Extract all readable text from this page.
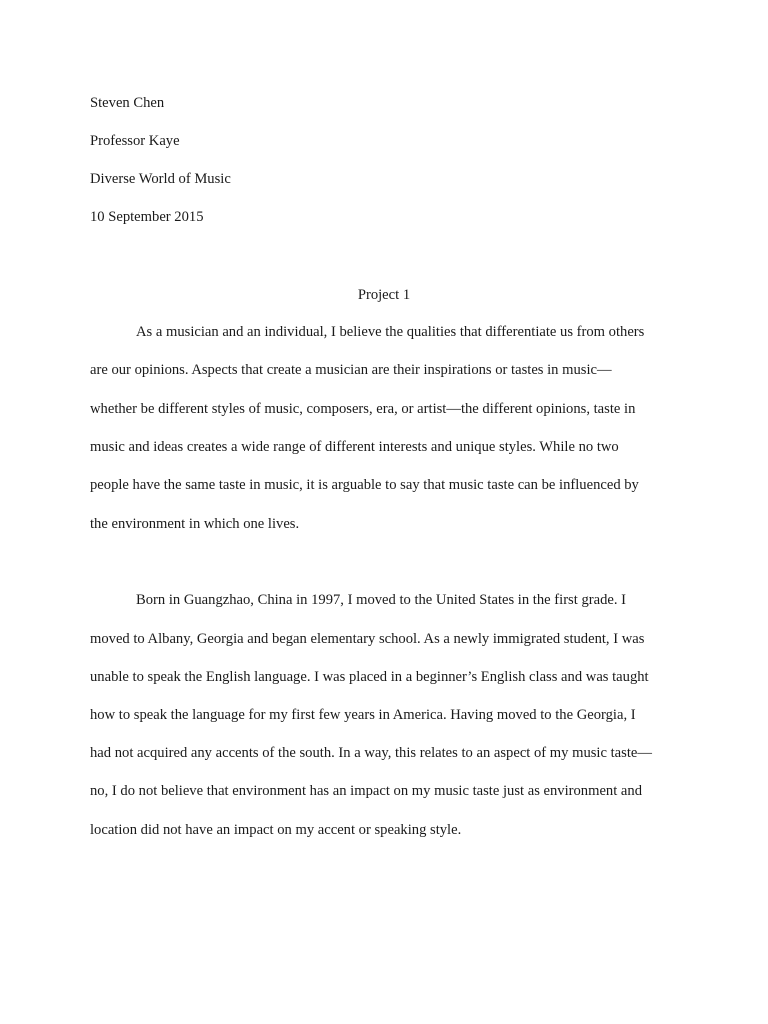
Steven Chen
Professor Kaye
Diverse World of Music
10 September 2015
Project 1
As a musician and an individual, I believe the qualities that differentiate us from others
are our opinions. Aspects that create a musician are their inspirations or tastes in music—
whether be different styles of music, composers, era, or artist—the different opinions, taste in
music and ideas creates a wide range of different interests and unique styles. While no two
people have the same taste in music, it is arguable to say that music taste can be influenced by
the environment in which one lives.
Born in Guangzhao, China in 1997, I moved to the United States in the first grade. I
moved to Albany, Georgia and began elementary school. As a newly immigrated student, I was
unable to speak the English language. I was placed in a beginner’s English class and was taught
how to speak the language for my first few years in America. Having moved to the Georgia, I
had not acquired any accents of the south. In a way, this relates to an aspect of my music taste—
no, I do not believe that environment has an impact on my music taste just as environment and
location did not have an impact on my accent or speaking style.
